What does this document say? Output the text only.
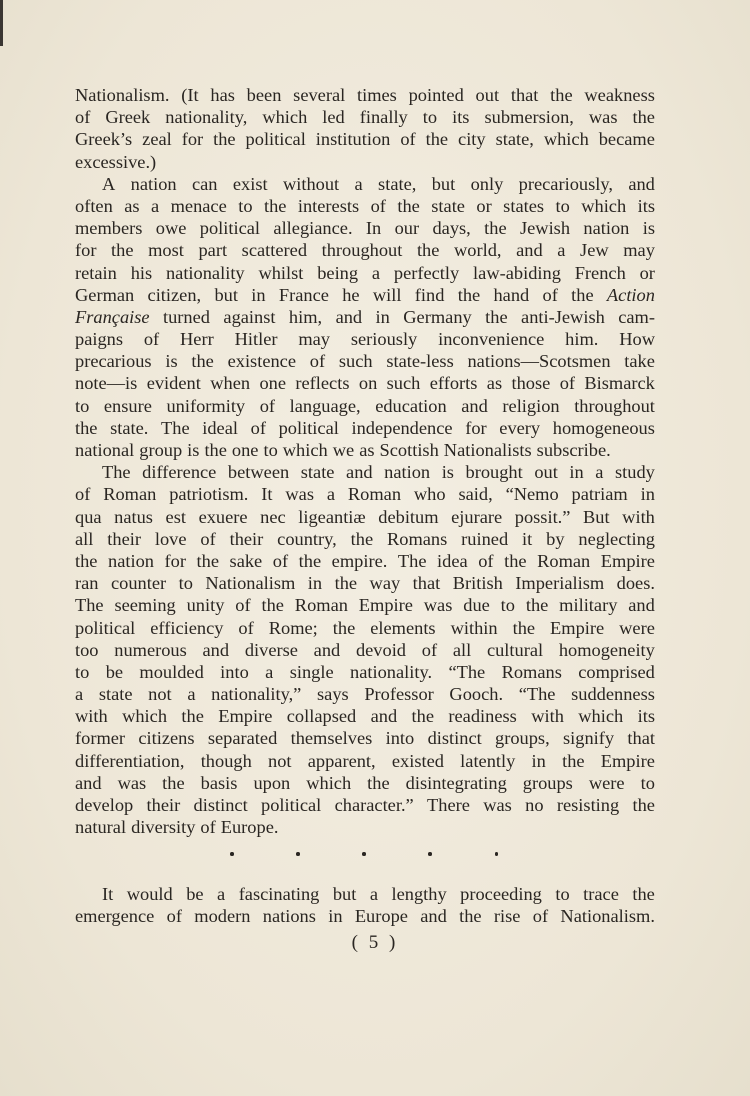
Nationalism. (It has been several times pointed out that the weakness
of Greek nationality, which led finally to its submersion, was the
Greek’s zeal for the political institution of the city state, which became
excessive.)
A nation can exist without a state, but only precariously, and
often as a menace to the interests of the state or states to which its
members owe political allegiance. In our days, the Jewish nation is
for the most part scattered throughout the world, and a Jew may
retain his nationality whilst being a perfectly law-abiding French or
German citizen, but in France he will find the hand of the Action
Française turned against him, and in Germany the anti-Jewish cam-
paigns of Herr Hitler may seriously inconvenience him. How
precarious is the existence of such state-less nations—Scotsmen take
note—is evident when one reflects on such efforts as those of Bismarck
to ensure uniformity of language, education and religion throughout
the state. The ideal of political independence for every homogeneous
national group is the one to which we as Scottish Nationalists subscribe.
The difference between state and nation is brought out in a study
of Roman patriotism. It was a Roman who said, “Nemo patriam in
qua natus est exuere nec ligeantiæ debitum ejurare possit.” But with
all their love of their country, the Romans ruined it by neglecting
the nation for the sake of the empire. The idea of the Roman Empire
ran counter to Nationalism in the way that British Imperialism does.
The seeming unity of the Roman Empire was due to the military and
political efficiency of Rome; the elements within the Empire were
too numerous and diverse and devoid of all cultural homogeneity
to be moulded into a single nationality. “The Romans comprised
a state not a nationality,” says Professor Gooch. “The suddenness
with which the Empire collapsed and the readiness with which its
former citizens separated themselves into distinct groups, signify that
differentiation, though not apparent, existed latently in the Empire
and was the basis upon which the disintegrating groups were to
develop their distinct political character.” There was no resisting the
natural diversity of Europe.
It would be a fascinating but a lengthy proceeding to trace the
emergence of modern nations in Europe and the rise of Nationalism.
( 5 )
